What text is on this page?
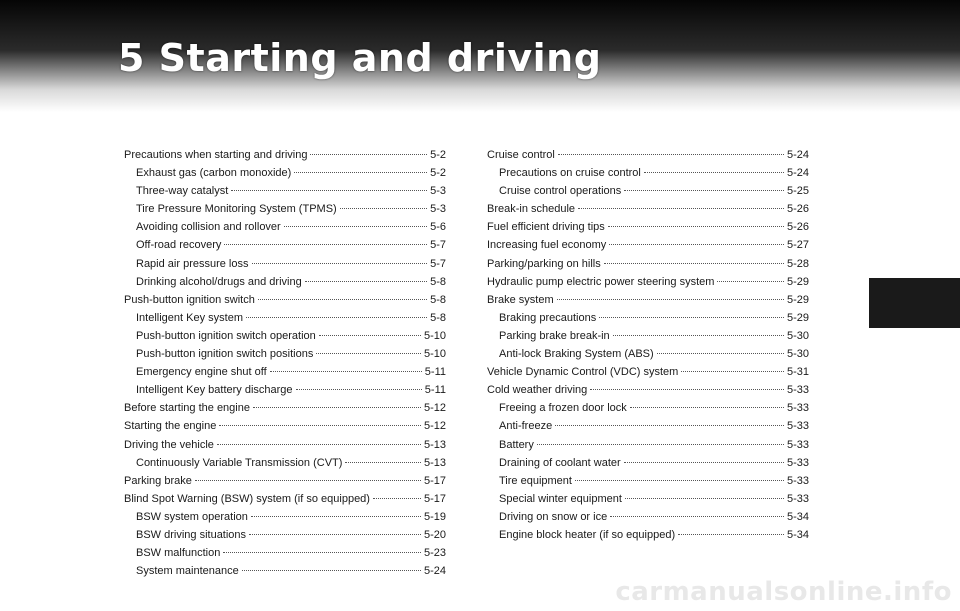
5 Starting and driving
Precautions when starting and driving	5-2
Exhaust gas (carbon monoxide)	5-2
Three-way catalyst	5-3
Tire Pressure Monitoring System (TPMS)	5-3
Avoiding collision and rollover	5-6
Off-road recovery	5-7
Rapid air pressure loss	5-7
Drinking alcohol/drugs and driving	5-8
Push-button ignition switch	5-8
Intelligent Key system	5-8
Push-button ignition switch operation	5-10
Push-button ignition switch positions	5-10
Emergency engine shut off	5-11
Intelligent Key battery discharge	5-11
Before starting the engine	5-12
Starting the engine	5-12
Driving the vehicle	5-13
Continuously Variable Transmission (CVT)	5-13
Parking brake	5-17
Blind Spot Warning (BSW) system (if so equipped)	5-17
BSW system operation	5-19
BSW driving situations	5-20
BSW malfunction	5-23
System maintenance	5-24
Cruise control	5-24
Precautions on cruise control	5-24
Cruise control operations	5-25
Break-in schedule	5-26
Fuel efficient driving tips	5-26
Increasing fuel economy	5-27
Parking/parking on hills	5-28
Hydraulic pump electric power steering system	5-29
Brake system	5-29
Braking precautions	5-29
Parking brake break-in	5-30
Anti-lock Braking System (ABS)	5-30
Vehicle Dynamic Control (VDC) system	5-31
Cold weather driving	5-33
Freeing a frozen door lock	5-33
Anti-freeze	5-33
Battery	5-33
Draining of coolant water	5-33
Tire equipment	5-33
Special winter equipment	5-33
Driving on snow or ice	5-34
Engine block heater (if so equipped)	5-34
carmanualsonline.info
